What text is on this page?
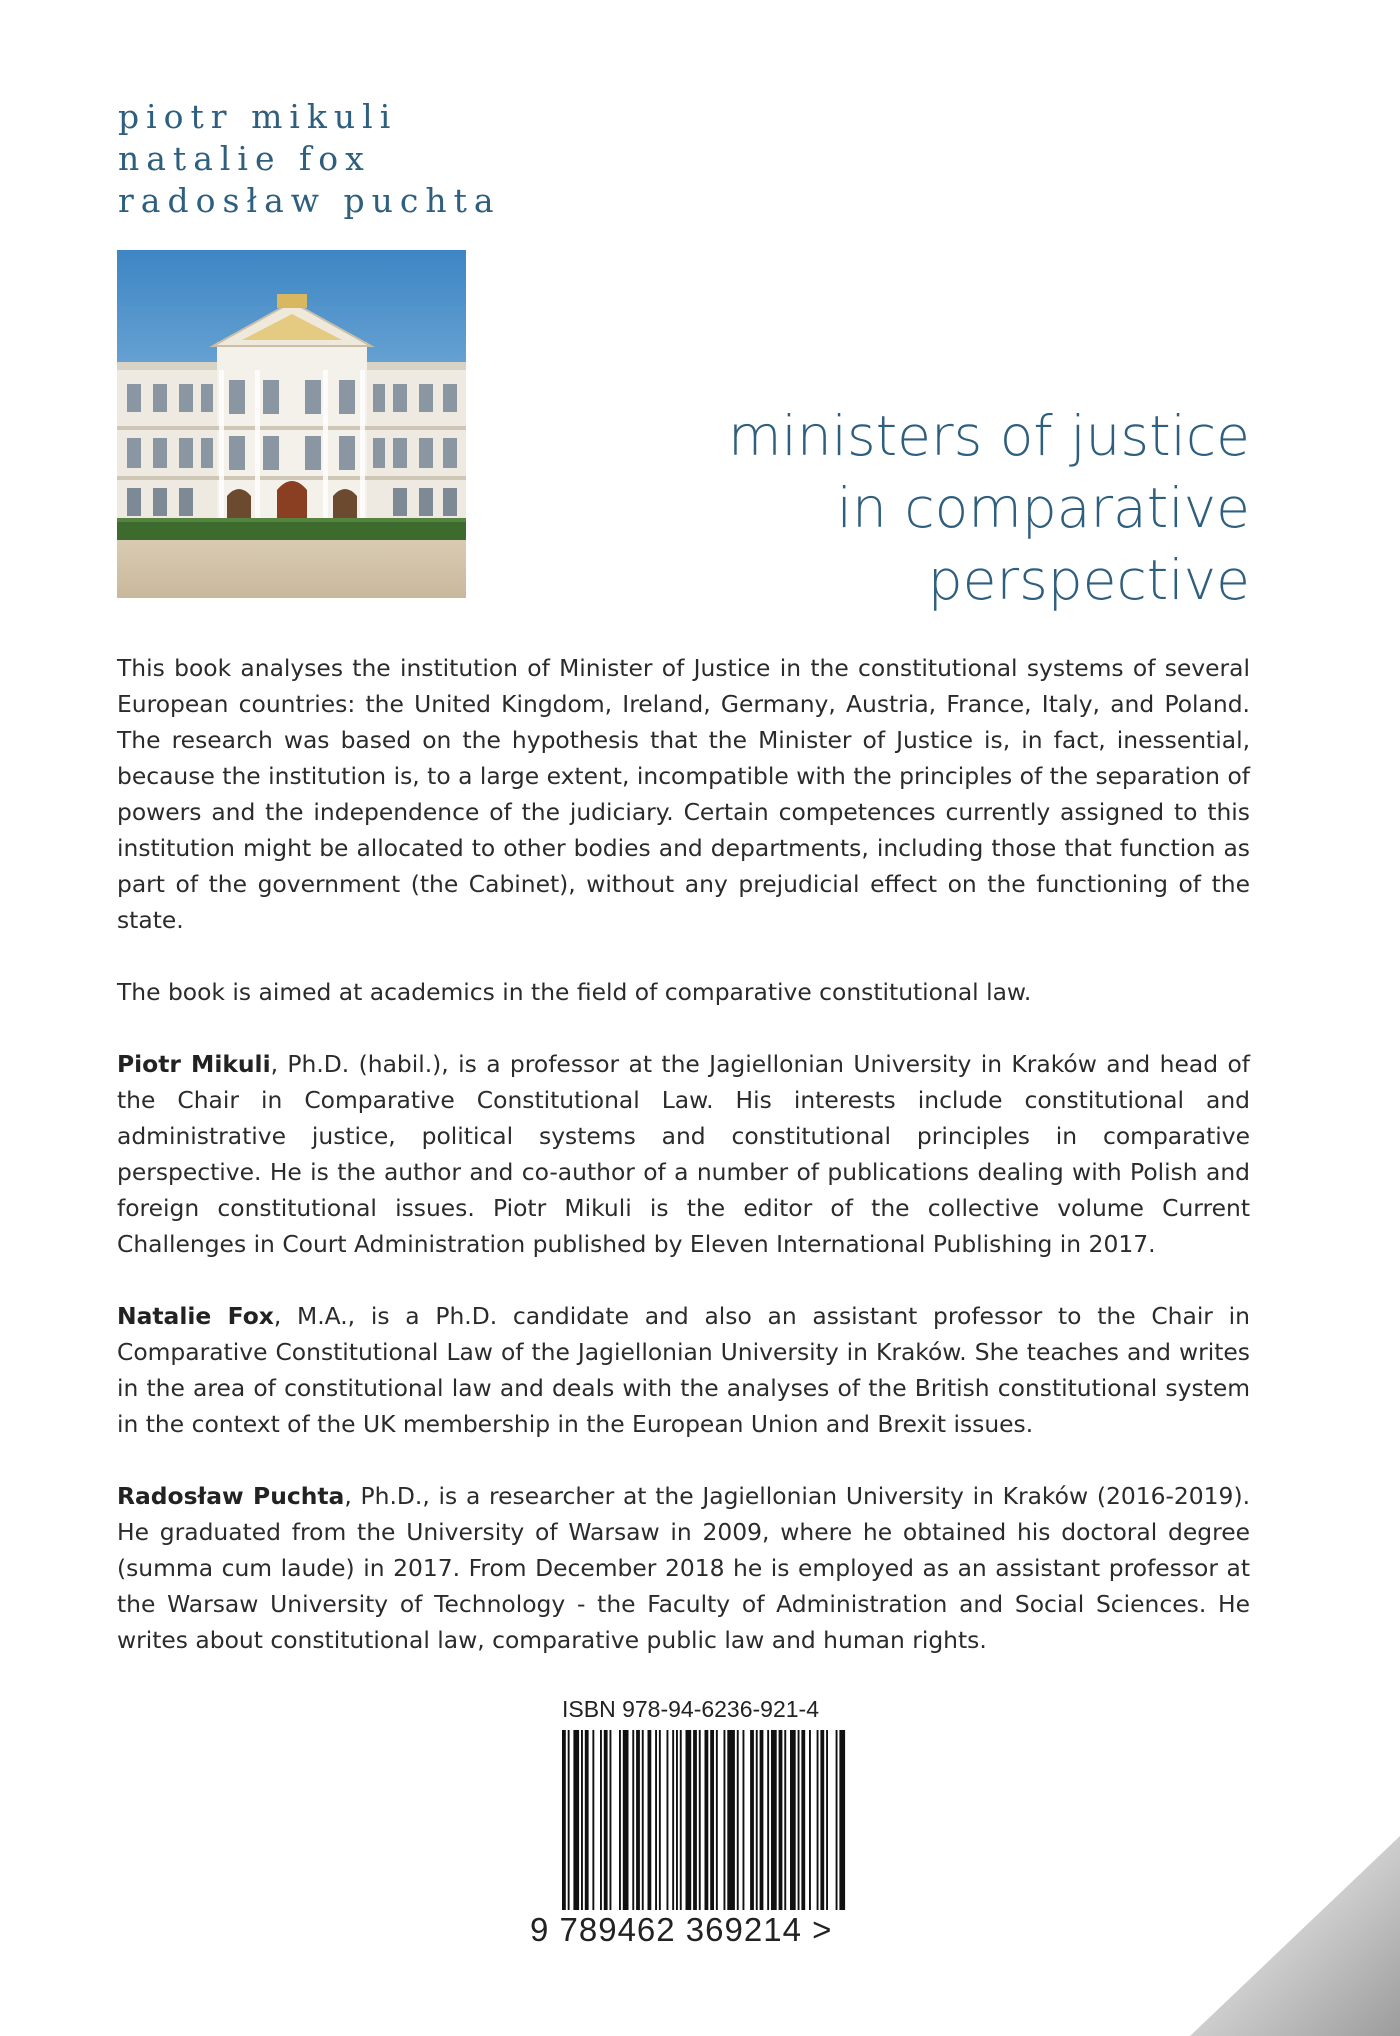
piotr mikuli
natalie fox
radosław puchta
ministers of justice
in comparative
perspective

This book analyses the institution of Minister of Justice in the constitutional systems of several European countries: the United Kingdom, Ireland, Germany, Austria, France, Italy, and Poland. The research was based on the hypothesis that the Minister of Justice is, in fact, inessential, because the institution is, to a large extent, incompatible with the principles of the separation of powers and the independence of the judiciary. Certain competences currently assigned to this institution might be allocated to other bodies and departments, including those that function as part of the government (the Cabinet), without any prejudicial effect on the functioning of the state.

The book is aimed at academics in the field of comparative constitutional law.

Piotr Mikuli, Ph.D. (habil.), is a professor at the Jagiellonian University in Kraków and head of the Chair in Comparative Constitutional Law. His interests include constitutional and administrative justice, political systems and constitutional principles in comparative perspective. He is the author and co-author of a number of publications dealing with Polish and foreign constitutional issues. Piotr Mikuli is the editor of the collective volume Current Challenges in Court Administration published by Eleven International Publishing in 2017.

Natalie Fox, M.A., is a Ph.D. candidate and also an assistant professor to the Chair in Comparative Constitutional Law of the Jagiellonian University in Kraków. She teaches and writes in the area of constitutional law and deals with the analyses of the British constitutional system in the context of the UK membership in the European Union and Brexit issues.

Radosław Puchta, Ph.D., is a researcher at the Jagiellonian University in Kraków (2016-2019). He graduated from the University of Warsaw in 2009, where he obtained his doctoral degree (summa cum laude) in 2017. From December 2018 he is employed as an assistant professor at the Warsaw University of Technology - the Faculty of Administration and Social Sciences. He writes about constitutional law, comparative public law and human rights.

ISBN 978-94-6236-921-4
9 789462 369214 >
